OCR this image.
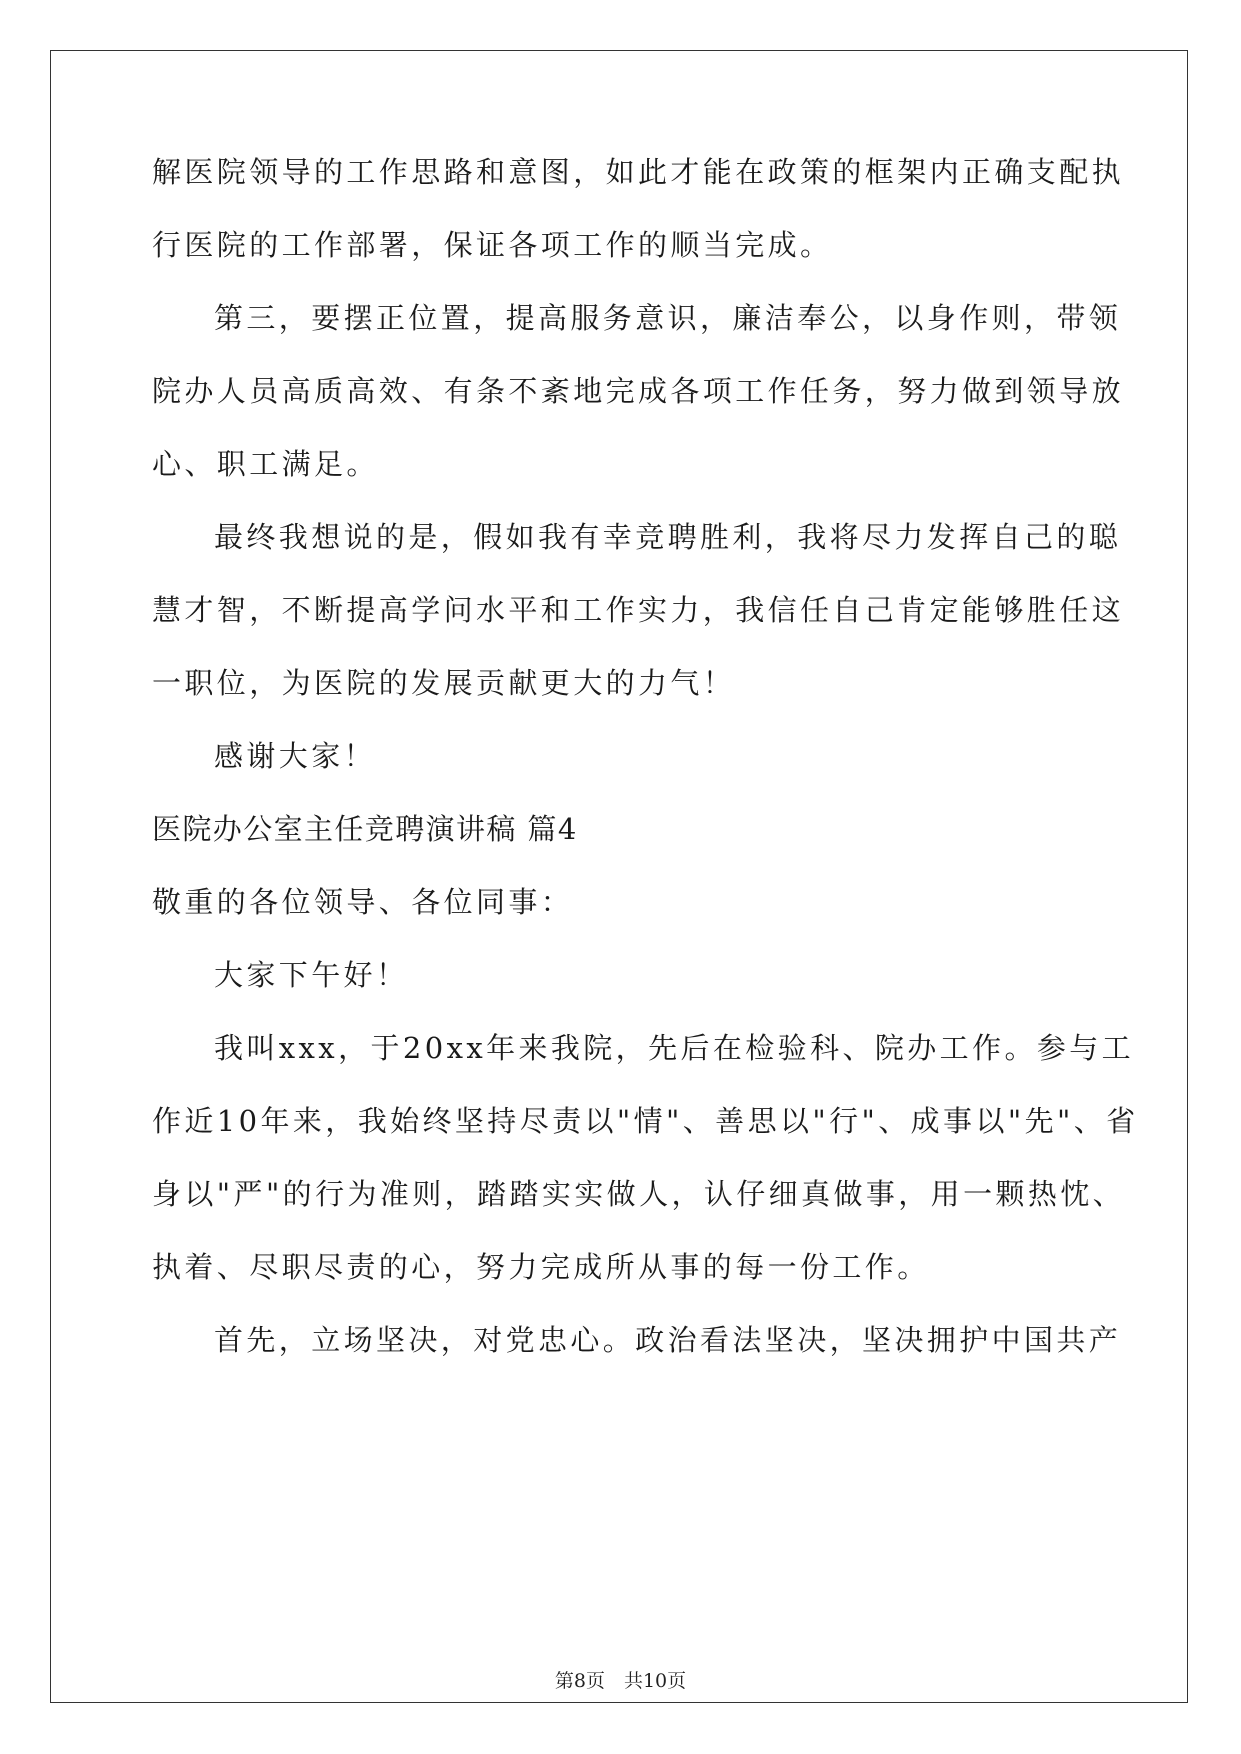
解医院领导的工作思路和意图，如此才能在政策的框架内正确支配执
行医院的工作部署，保证各项工作的顺当完成。
第三，要摆正位置，提高服务意识，廉洁奉公，以身作则，带领
院办人员高质高效、有条不紊地完成各项工作任务，努力做到领导放
心、职工满足。
最终我想说的是，假如我有幸竞聘胜利，我将尽力发挥自己的聪
慧才智，不断提高学问水平和工作实力，我信任自己肯定能够胜任这
一职位，为医院的发展贡献更大的力气！
感谢大家！
医院办公室主任竞聘演讲稿 篇4
敬重的各位领导、各位同事：
大家下午好！
我叫xxx，于20xx年来我院，先后在检验科、院办工作。参与工
作近10年来，我始终坚持尽责以"情"、善思以"行"、成事以"先"、省
身以"严"的行为准则，踏踏实实做人，认仔细真做事，用一颗热忱、
执着、尽职尽责的心，努力完成所从事的每一份工作。
首先，立场坚决，对党忠心。政治看法坚决，坚决拥护中国共产
第8页　共10页
